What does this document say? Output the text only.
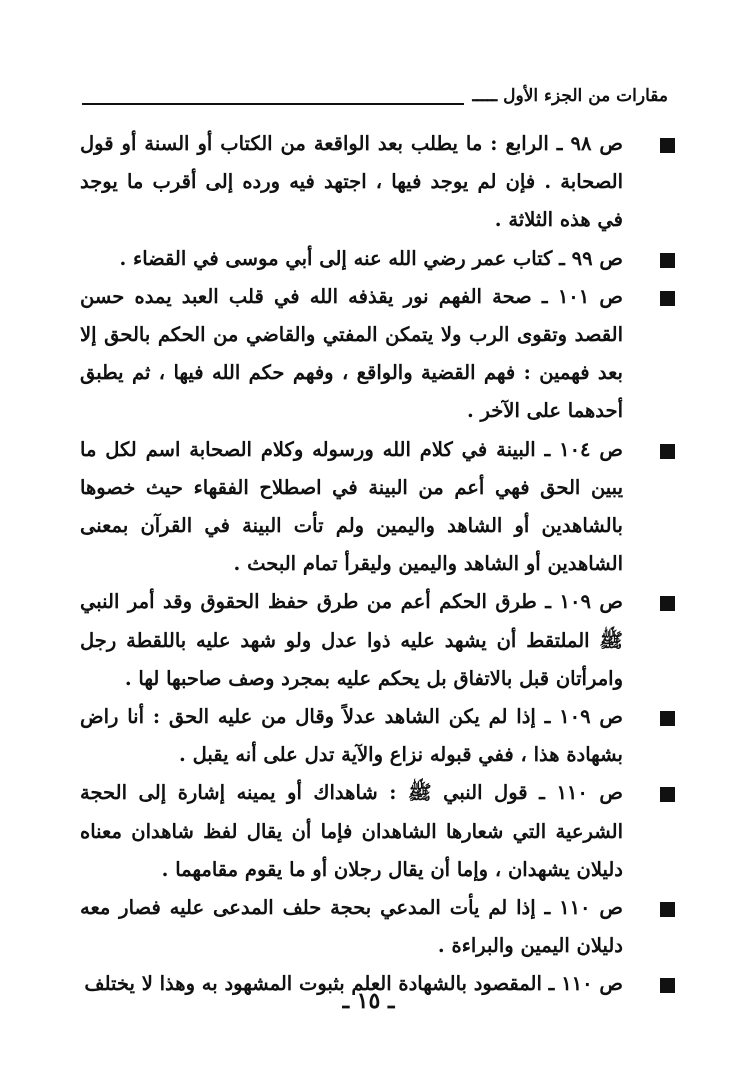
مقارات من الجزء الأول ـــــ
ص ٩٨ ـ الرابع : ما يطلب بعد الواقعة من الكتاب أو السنة أو قول الصحابة . فإن لم يوجد فيها ، اجتهد فيه ورده إلى أقرب ما يوجد في هذه الثلاثة .
ص ٩٩ ـ كتاب عمر رضي الله عنه إلى أبي موسى في القضاء .
ص ١٠١ ـ صحة الفهم نور يقذفه الله في قلب العبد يمده حسن القصد وتقوى الرب ولا يتمكن المفتي والقاضي من الحكم بالحق إلا بعد فهمين : فهم القضية والواقع ، وفهم حكم الله فيها ، ثم يطبق أحدهما على الآخر .
ص ١٠٤ ـ البينة في كلام الله ورسوله وكلام الصحابة اسم لكل ما يبين الحق فهي أعم من البينة في اصطلاح الفقهاء حيث خصوها بالشاهدين أو الشاهد واليمين ولم تأت البينة في القرآن بمعنى الشاهدين أو الشاهد واليمين وليقرأ تمام البحث .
ص ١٠٩ ـ طرق الحكم أعم من طرق حفظ الحقوق وقد أمر النبي ﷺ الملتقط أن يشهد عليه ذوا عدل ولو شهد عليه باللقطة رجل وامرأتان قبل بالاتفاق بل يحكم عليه بمجرد وصف صاحبها لها .
ص ١٠٩ ـ إذا لم يكن الشاهد عدلاً وقال من عليه الحق : أنا راض بشهادة هذا ، ففي قبوله نزاع والآية تدل على أنه يقبل .
ص ١١٠ ـ قول النبي ﷺ : شاهداك أو يمينه إشارة إلى الحجة الشرعية التي شعارها الشاهدان فإما أن يقال لفظ شاهدان معناه دليلان يشهدان ، وإما أن يقال رجلان أو ما يقوم مقامهما .
ص ١١٠ ـ إذا لم يأت المدعي بحجة حلف المدعى عليه فصار معه دليلان اليمين والبراءة .
ص ١١٠ ـ المقصود بالشهادة العلم بثبوت المشهود به وهذا لا يختلف
ـ ١٥ ـ
